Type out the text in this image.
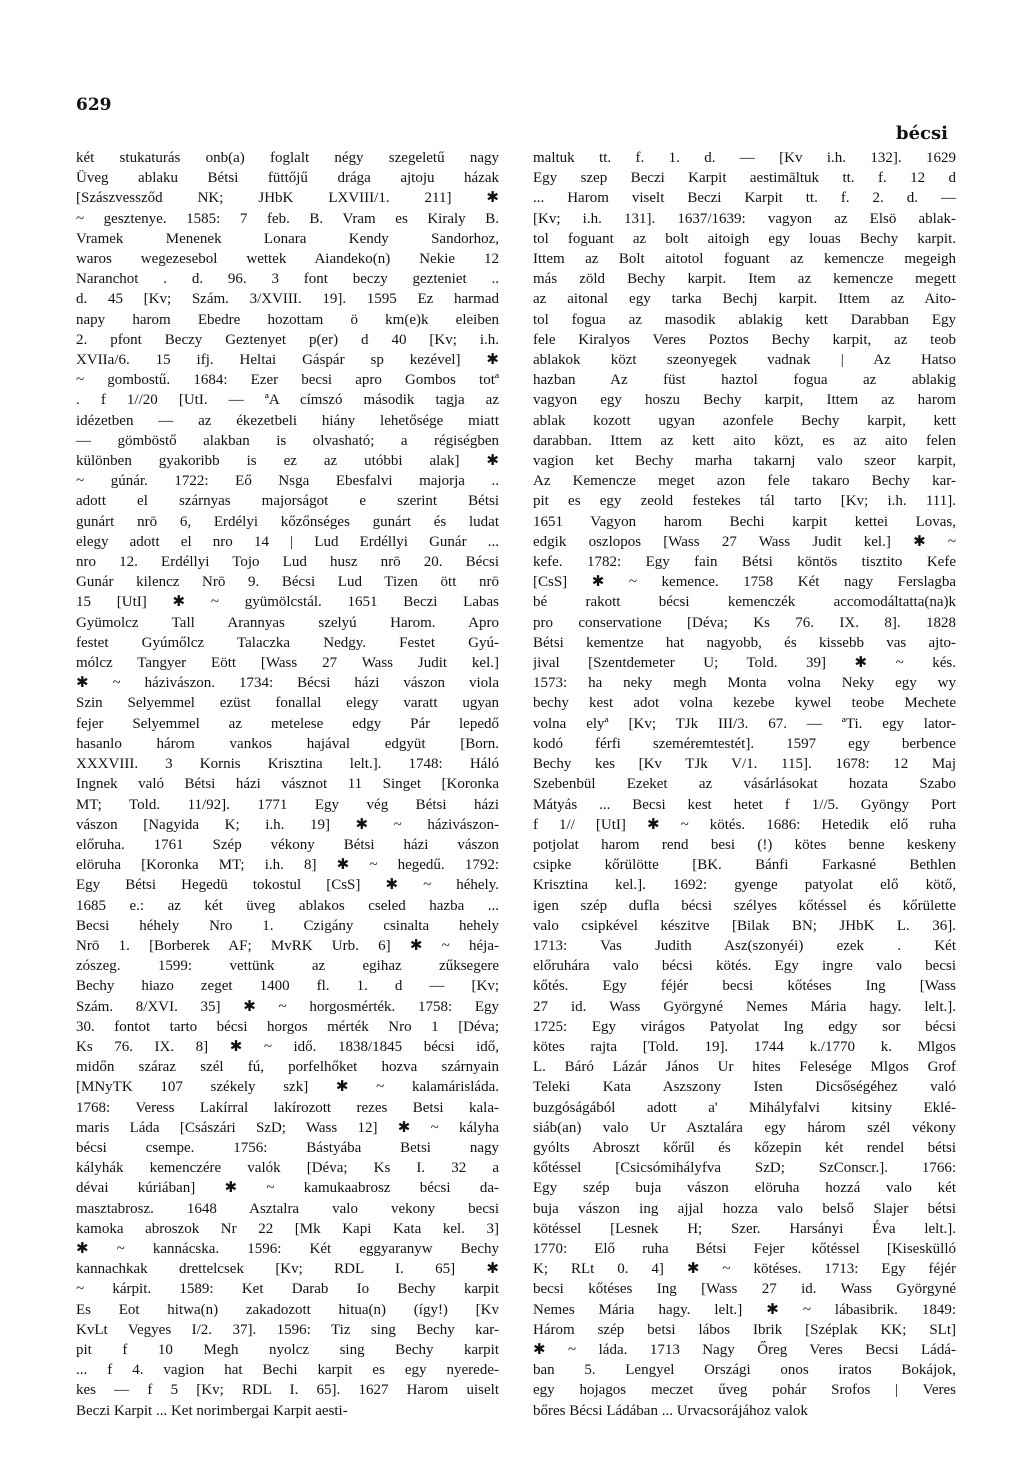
629
bécsi
két stukaturás onb(a) foglalt négy szegeletű nagy
Üveg ablaku Bétsi füttőjű drága ajtoju házak
[Szászvessződ NK; JHbK LXVIII/1. 211] ✱
~ gesztenye. 1585: 7 feb. B. Vram es Kiraly B.
Vramek Menenek Lonara Kendy Sandorhoz,
waros wegezesebol wettek Aiandeko(n) Nekie 12
Naranchot . d. 96. 3 font beczy gezteniet ..
d. 45 [Kv; Szám. 3/XVIII. 19]. 1595 Ez harmad
napy harom Ebedre hozottam ö km(e)k eleiben
2. pfont Beczy Geztenyet p(er) d 40 [Kv; i.h.
XVIIa/6. 15 ifj. Heltai Gáspár sp kezével] ✱
~ gombostű. 1684: Ezer becsi apro Gombos totª
. f 1//20 [UtI. — ªA címszó második tagja az
idézetben — az ékezetbeli hiány lehetősége miatt
— gömböstő alakban is olvasható; a régiségben
különben gyakoribb is ez az utóbbi alak] ✱
~ gúnár. 1722: Eő Nsga Ebesfalvi majorja ..
adott el szárnyas majorságot e szerint Bétsi
gunárt nrō 6, Erdélyi kőzőnséges gunárt és ludat
elegy adott el nro 14 | Lud Erdéllyi Gunár ...
nro 12. Erdéllyi Tojo Lud husz nrō 20. Bécsi
Gunár kilencz Nrō 9. Bécsi Lud Tizen ött nrō
15 [UtI] ✱ ~ gyümölcstál. 1651 Beczi Labas
Gyümolcz Tall Arannyas szelyú Harom. Apro
festet Gyúmőlcz Talaczka Nedgy. Festet Gyú-
mólcz Tangyer Eött [Wass 27 Wass Judit kel.]
✱ ~ házivászon. 1734: Bécsi házi vászon viola
Szin Selyemmel ezüst fonallal elegy varatt ugyan
fejer Selyemmel az metelese edgy Pár lepedő
hasanlo három vankos hajával edgyüt [Born.
XXXVIII. 3 Kornis Krisztina lelt.]. 1748: Háló
Ingnek való Bétsi házi vásznot 11 Singet [Koronka
MT; Told. 11/92]. 1771 Egy vég Bétsi házi
vászon [Nagyida K; i.h. 19] ✱ ~ házivászon-
előruha. 1761 Szép vékony Bétsi házi vászon
elöruha [Koronka MT; i.h. 8] ✱ ~ hegedű. 1792:
Egy Bétsi Hegedü tokostul [CsS] ✱ ~ héhely.
1685 e.: az két üveg ablakos cseled hazba ...
Becsi héhely Nro 1. Czigány csinalta hehely
Nrō 1. [Borberek AF; MvRK Urb. 6] ✱ ~ héja-
zószeg. 1599: vettünk az egihaz zűksegere
Bechy hiazo zeget 1400 fl. 1. d — [Kv;
Szám. 8/XVI. 35] ✱ ~ horgosmérték. 1758: Egy
30. fontot tarto bécsi horgos mérték Nro 1 [Déva;
Ks 76. IX. 8] ✱ ~ idő. 1838/1845 bécsi idő,
midőn száraz szél fú, porfelhőket hozva szárnyain
[MNyTK 107 székely szk] ✱ ~ kalamárisláda.
1768: Veress Lakírral lakírozott rezes Betsi kala-
maris Láda [Császári SzD; Wass 12] ✱ ~ kályha
bécsi csempe. 1756: Bástyába Betsi nagy
kályhák kemenczére valók [Déva; Ks I. 32 a
dévai kúriában] ✱ ~ kamukaabrosz bécsi da-
masztabrosz. 1648 Asztalra valo vekony becsi
kamoka abroszok Nr 22 [Mk Kapi Kata kel. 3]
✱ ~ kannácska. 1596: Két eggyaranyw Bechy
kannachkak drettelcsek [Kv; RDL I. 65] ✱
~ kárpit. 1589: Ket Darab Io Bechy karpit
Es Eot hitwa(n) zakadozott hitua(n) (így!) [Kv
KvLt Vegyes I/2. 37]. 1596: Tiz sing Bechy kar-
pit f 10 Megh nyolcz sing Bechy karpit
... f 4. vagion hat Bechi karpit es egy nyerede-
kes — f 5 [Kv; RDL I. 65]. 1627 Harom uiselt
Beczi Karpit ... Ket norimbergai Karpit aesti-
maltuk tt. f. 1. d. — [Kv i.h. 132]. 1629
Egy szep Beczi Karpit aestimāltuk tt. f. 12 d
... Harom viselt Beczi Karpit tt. f. 2. d. —
[Kv; i.h. 131]. 1637/1639: vagyon az Elsö ablak-
tol foguant az bolt aitoigh egy louas Bechy karpit.
Ittem az Bolt aitotol foguant az kemencze megeigh
más zöld Bechy karpit. Item az kemencze megett
az aitonal egy tarka Bechj karpit. Ittem az Aito-
tol fogua az masodik ablakig kett Darabban Egy
fele Kiralyos Veres Poztos Bechy karpit, az teob
ablakok közt szeonyegek vadnak | Az Hatso
hazban Az füst haztol fogua az ablakig
vagyon egy hoszu Bechy karpit, Ittem az harom
ablak kozott ugyan azonfele Bechy karpit, kett
darabban. Ittem az kett aito közt, es az aito felen
vagion ket Bechy marha takarnj valo szeor karpit,
Az Kemencze meget azon fele takaro Bechy kar-
pit es egy zeold festekes tál tarto [Kv; i.h. 111].
1651 Vagyon harom Bechi karpit kettei Lovas,
edgik oszlopos [Wass 27 Wass Judit kel.] ✱ ~
kefe. 1782: Egy fain Bétsi köntös tisztito Kefe
[CsS] ✱ ~ kemence. 1758 Két nagy Ferslagba
bé rakott bécsi kemenczék accomodáltatta(na)k
pro conservatione [Déva; Ks 76. IX. 8]. 1828
Bétsi kementze hat nagyobb, és kissebb vas ajto-
jival [Szentdemeter U; Told. 39] ✱ ~ kés.
1573: ha neky megh Monta volna Neky egy wy
bechy kest adot volna kezebe kywel teobe Mechete
volna elyª [Kv; TJk III/3. 67. — ªTi. egy lator-
kodó férfi szeméremtestét]. 1597 egy berbence
Bechy kes [Kv TJk V/1. 115]. 1678: 12 Maj
Szebenbül Ezeket az vásárlásokat hozata Szabo
Mátyás ... Becsi kest hetet f 1//5. Gyöngy Port
f 1// [UtI] ✱ ~ kötés. 1686: Hetedik elő ruha
potjolat harom rend besi (!) kötes benne keskeny
csipke kőrülötte [BK. Bánfi Farkasné Bethlen
Krisztina kel.]. 1692: gyenge patyolat elő kötő,
igen szép dufla bécsi szélyes kőtéssel és kőrülette
valo csipkével készitve [Bilak BN; JHbK L. 36].
1713: Vas Judith Asz(szonyéi) ezek . Két
előruhára valo bécsi kötés. Egy ingre valo becsi
kőtés. Egy féjér becsi kőtéses Ing [Wass
27 id. Wass Györgyné Nemes Mária hagy. lelt.].
1725: Egy virágos Patyolat Ing edgy sor bécsi
kötes rajta [Told. 19]. 1744 k./1770 k. Mlgos
L. Báró Lázár János Ur hites Felesége Mlgos Grof
Teleki Kata Aszszony Isten Dicsőségéhez való
buzgóságából adott a' Mihályfalvi kitsiny Eklé-
siáb(an) valo Ur Asztalára egy három szél vékony
gyólts Abroszt kőrűl és kőzepin két rendel bétsi
kőtéssel [Csicsómihályfva SzD; SzConscr.]. 1766:
Egy szép buja vászon elöruha hozzá valo két
buja vászon ing ajjal hozza valo belső Slajer bétsi
kötéssel [Lesnek H; Szer. Harsányi Éva lelt.].
1770: Elő ruha Bétsi Fejer kőtéssel [Kiseskülló
K; RLt 0. 4] ✱ ~ kötéses. 1713: Egy féjér
becsi kőtéses Ing [Wass 27 id. Wass Györgyné
Nemes Mária hagy. lelt.] ✱ ~ lábasibrik. 1849:
Három szép betsi lábos Ibrik [Széplak KK; SLt]
✱ ~ láda. 1713 Nagy Őreg Veres Becsi Ládá-
ban 5. Lengyel Országi onos iratos Bokájok,
egy hojagos meczet űveg pohár Srofos | Veres
bőres Bécsi Ládában ... Urvacsorájához valok
